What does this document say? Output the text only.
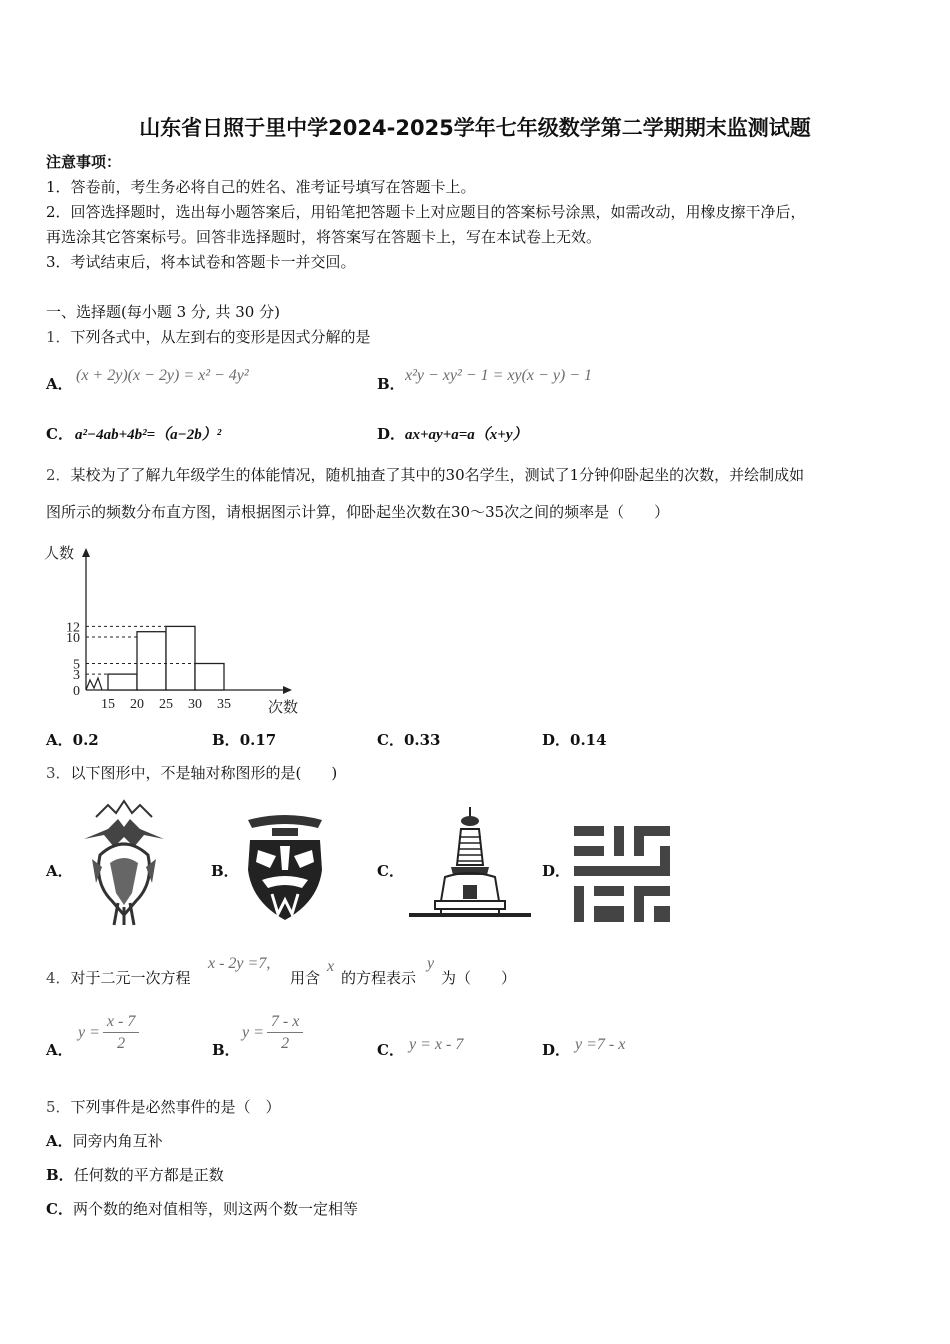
山东省日照于里中学2024-2025学年七年级数学第二学期期末监测试题
注意事项：
1．答卷前，考生务必将自己的姓名、准考证号填写在答题卡上。
2．回答选择题时，选出每小题答案后，用铅笔把答题卡上对应题目的答案标号涂黑，如需改动，用橡皮擦干净后，
再选涂其它答案标号。回答非选择题时，将答案写在答题卡上，写在本试卷上无效。
3．考试结束后，将本试卷和答题卡一并交回。
一、选择题(每小题 3 分, 共 30 分)
1．下列各式中，从左到右的变形是因式分解的是
A． (x + 2y)(x − 2y) = x² − 4y²	B． x²y − xy² − 1 = xy(x − y) − 1
C． a²−4ab+4b²=（a−2b）²	D． ax+ay+a=a（x+y）
2．某校为了了解九年级学生的体能情况，随机抽查了其中的30名学生，测试了1分钟仰卧起坐的次数，并绘制成如
图所示的频数分布直方图，请根据图示计算，仰卧起坐次数在30～35次之间的频率是（　　）
人数
次数
0
3
5
10
12
15 20 25 30 35
A．0.2	B．0.17	C．0.33	D．0.14
3．以下图形中，不是轴对称图形的是(　　)
A．	B．	C．	D．
4．对于二元一次方程
x - 2y =7,
用含
x
的方程表示
y
为（　　）
A．
$y = \frac{x - 7}{2}$	B．
$y = \frac{7 - x}{2}$	C． y = x - 7	D． y =7 - x
5．下列事件是必然事件的是（　）
A．同旁内角互补
B．任何数的平方都是正数
C．两个数的绝对值相等，则这两个数一定相等
